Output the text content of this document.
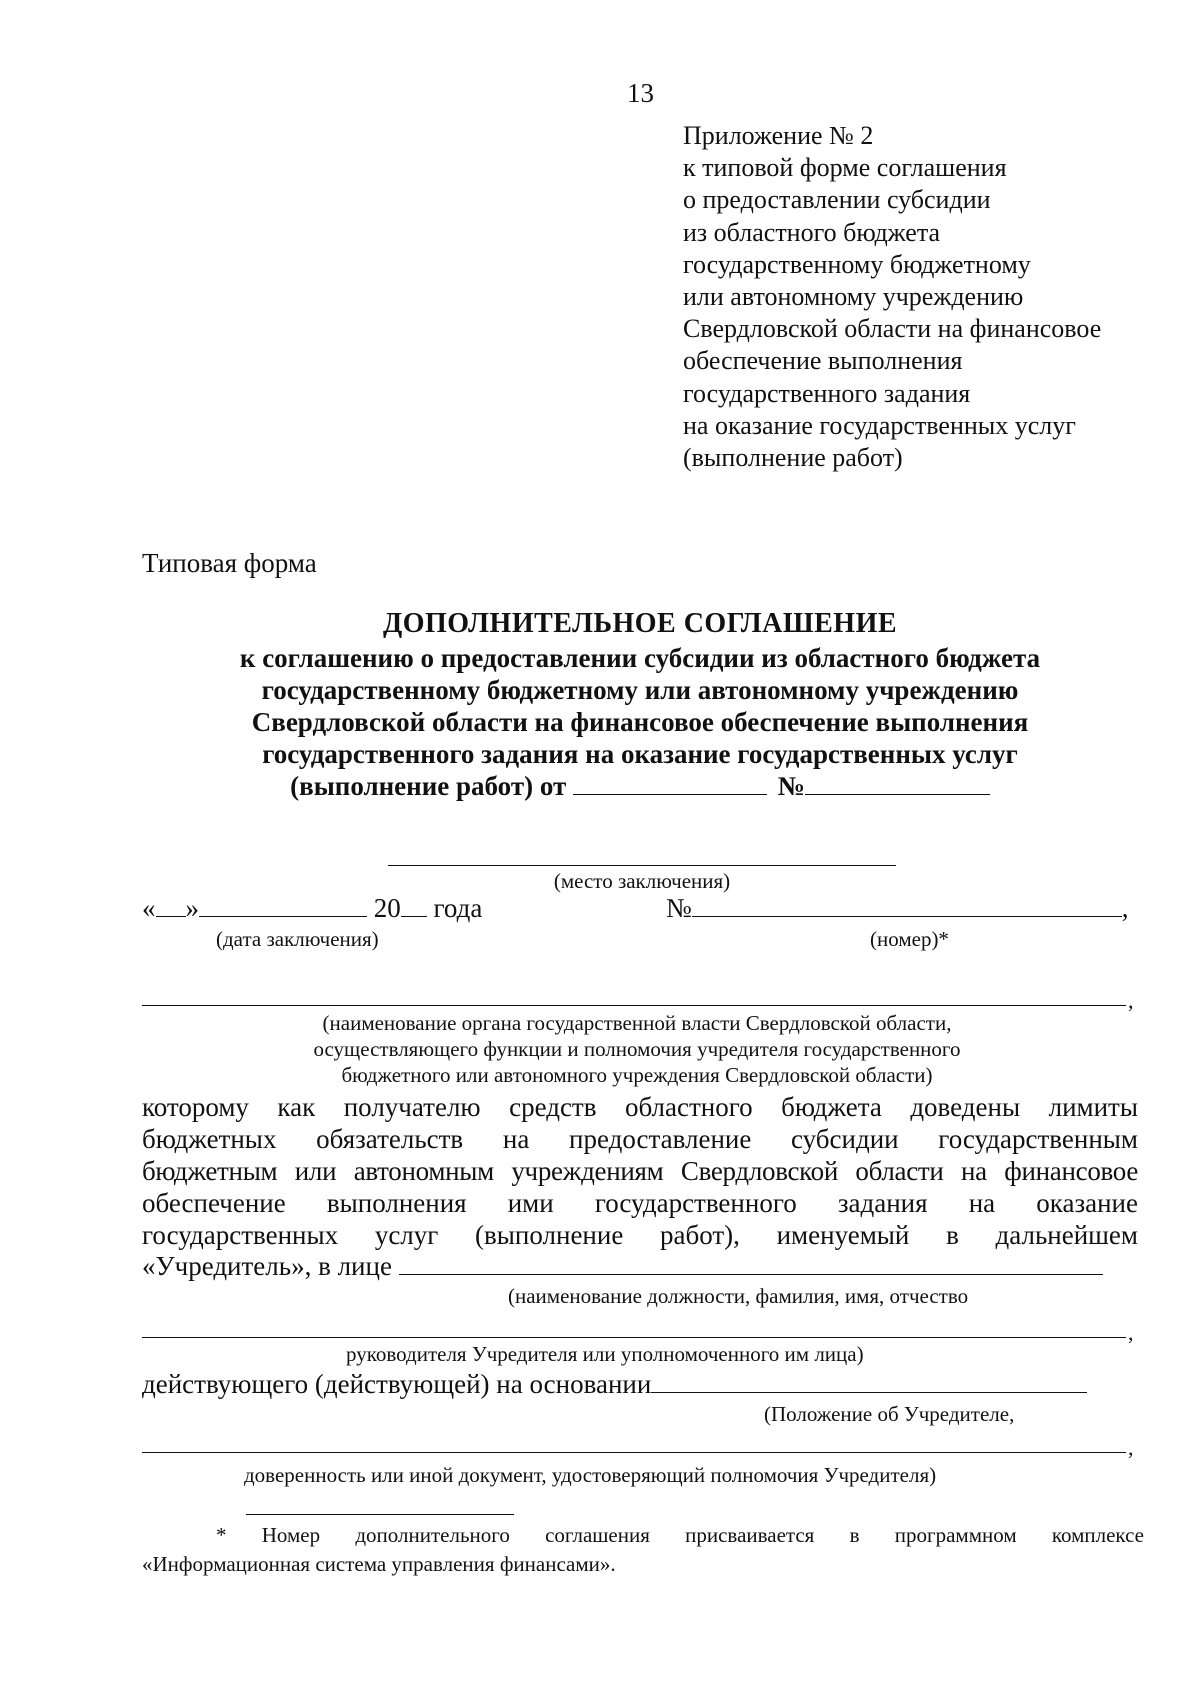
13
Приложение № 2
к типовой форме соглашения
о предоставлении субсидии
из областного бюджета
государственному бюджетному
или автономному учреждению
Свердловской области на финансовое
обеспечение выполнения
государственного задания
на оказание государственных услуг
(выполнение работ)
Типовая форма
ДОПОЛНИТЕЛЬНОЕ СОГЛАШЕНИЕ
к соглашению о предоставлении субсидии из областного бюджета
государственному бюджетному или автономному учреждению
Свердловской области на финансовое обеспечение выполнения
государственного задания на оказание государственных услуг
(выполнение работ) от	№
(место заключения)
« »	20 года	№	,
(дата заключения)	(номер)*
,
(наименование органа государственной власти Свердловской области,
осуществляющего функции и полномочия учредителя государственного
бюджетного или автономного учреждения Свердловской области)
которому как получателю средств областного бюджета доведены лимиты
бюджетных обязательств на предоставление субсидии государственным
бюджетным или автономным учреждениям Свердловской области на финансовое
обеспечение выполнения ими государственного задания на оказание
государственных услуг (выполнение работ), именуемый в дальнейшем
«Учредитель», в лице
(наименование должности, фамилия, имя, отчество
,
руководителя Учредителя или уполномоченного им лица)
действующего (действующей) на основании
(Положение об Учредителе,
,
доверенность или иной документ, удостоверяющий полномочия Учредителя)
* Номер дополнительного соглашения присваивается в программном комплексе
«Информационная система управления финансами».
